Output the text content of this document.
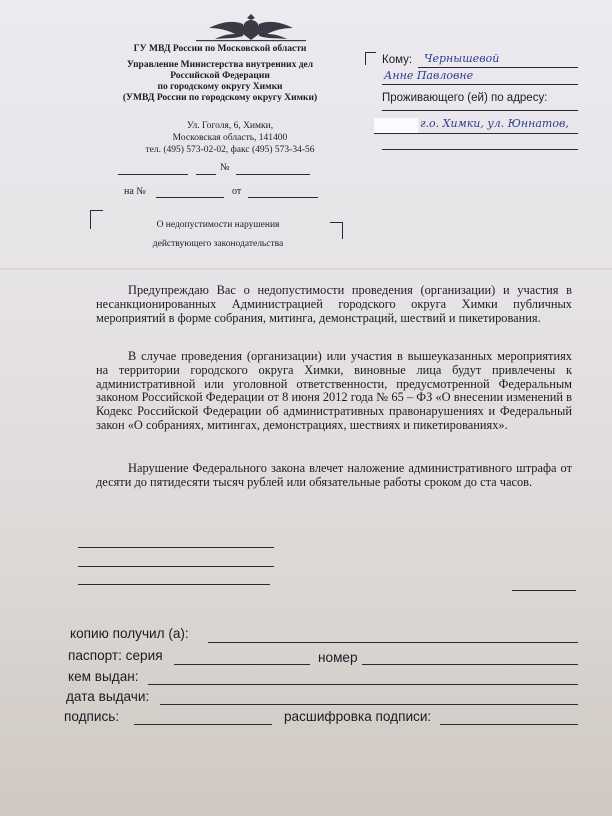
ГУ МВД России по Московской области
Управление Министерства внутренних дел
Российской Федерации
по городскому округу Химки
(УМВД России по городскому округу Химки)
Ул. Гоголя, 6, Химки,
Московская область, 141400
тел. (495) 573-02-02, факс (495) 573-34-56
№
на №	от
О недопустимости нарушения
действующего законодательства
Кому: Чернышевой
Анне Павловне
Проживающего (ей) по адресу:
г.о. Химки, ул. Юннатов,

Предупреждаю Вас о недопустимости проведения (организации) и участия в несанкционированных Администрацией городского округа Химки публичных мероприятий в форме собрания, митинга, демонстраций, шествий и пикетирования.

В случае проведения (организации) или участия в вышеуказанных мероприятиях на территории городского округа Химки, виновные лица будут привлечены к административной или уголовной ответственности, предусмотренной Федеральным законом Российской Федерации от 8 июня 2012 года № 65 – ФЗ «О внесении изменений в Кодекс Российской Федерации об административных правонарушениях и Федеральный закон «О собраниях, митингах, демонстрациях, шествиях и пикетированиях».

Нарушение Федерального закона влечет наложение административного штрафа от десяти до пятидесяти тысяч рублей или обязательные работы сроком до ста часов.

копию получил (а):
паспорт: серия	номер
кем выдан:
дата выдачи:
подпись:	расшифровка подписи:
